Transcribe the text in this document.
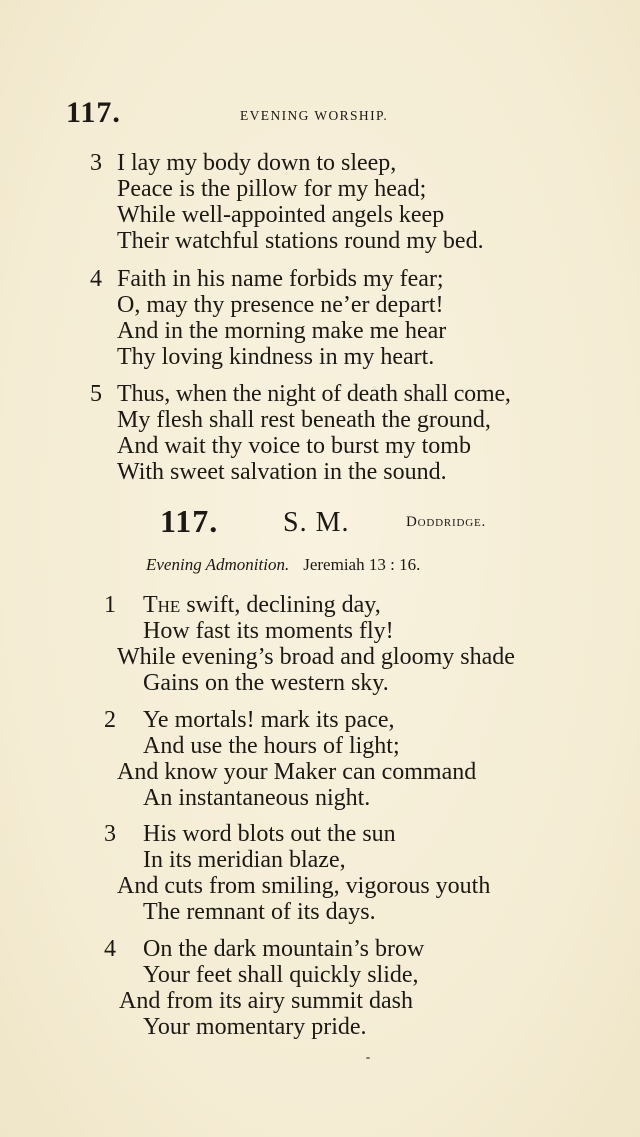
117.	EVENING WORSHIP.
3 I lay my body down to sleep,
Peace is the pillow for my head;
While well-appointed angels keep
Their watchful stations round my bed.
4 Faith in his name forbids my fear;
O, may thy presence ne’er depart!
And in the morning make me hear
Thy loving kindness in my heart.
5 Thus, when the night of death shall come,
My flesh shall rest beneath the ground,
And wait thy voice to burst my tomb
With sweet salvation in the sound.
117. S. M.	Doddridge.
Evening Admonition. Jeremiah 13 : 16.
1 The swift, declining day,
How fast its moments fly!
While evening’s broad and gloomy shade
Gains on the western sky.
2 Ye mortals! mark its pace,
And use the hours of light;
And know your Maker can command
An instantaneous night.
3 His word blots out the sun
In its meridian blaze,
And cuts from smiling, vigorous youth
The remnant of its days.
4 On the dark mountain’s brow
Your feet shall quickly slide,
And from its airy summit dash
Your momentary pride.
